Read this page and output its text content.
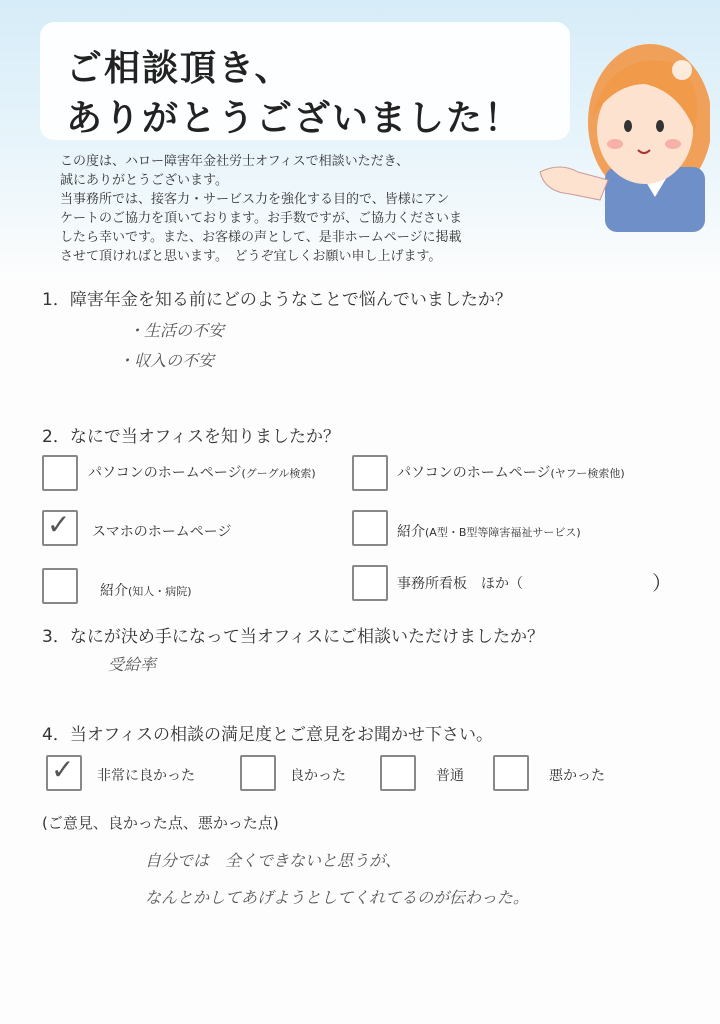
ご相談頂き、
ありがとうございました！
この度は、ハロー障害年金社労士オフィスで相談いただき、
誠にありがとうございます。
当事務所では、接客力・サービス力を強化する目的で、皆様にアン
ケートのご協力を頂いております。お手数ですが、ご協力くださいま
したら幸いです。また、お客様の声として、是非ホームページに掲載
させて頂ければと思います。　どうぞ宜しくお願い申し上げます。
1．障害年金を知る前にどのようなことで悩んでいましたか？
・生活の不安
・収入の不安
2．なにで当オフィスを知りましたか？
パソコンのホームページ(グーグル検索)	パソコンのホームページ(ヤフー検索他)
✓ スマホのホームページ	紹介(A型・B型等障害福祉サービス)
紹介(知人・病院)	事務所看板　ほか（	）
3．なにが決め手になって当オフィスにご相談いただけましたか？
受給率
4．当オフィスの相談の満足度とご意見をお聞かせ下さい。
✓ 非常に良かった	良かった	普通	悪かった
(ご意見、良かった点、悪かった点)
自分では　全くできないと思うが、
なんとかしてあげようとしてくれてるのが伝わった。
